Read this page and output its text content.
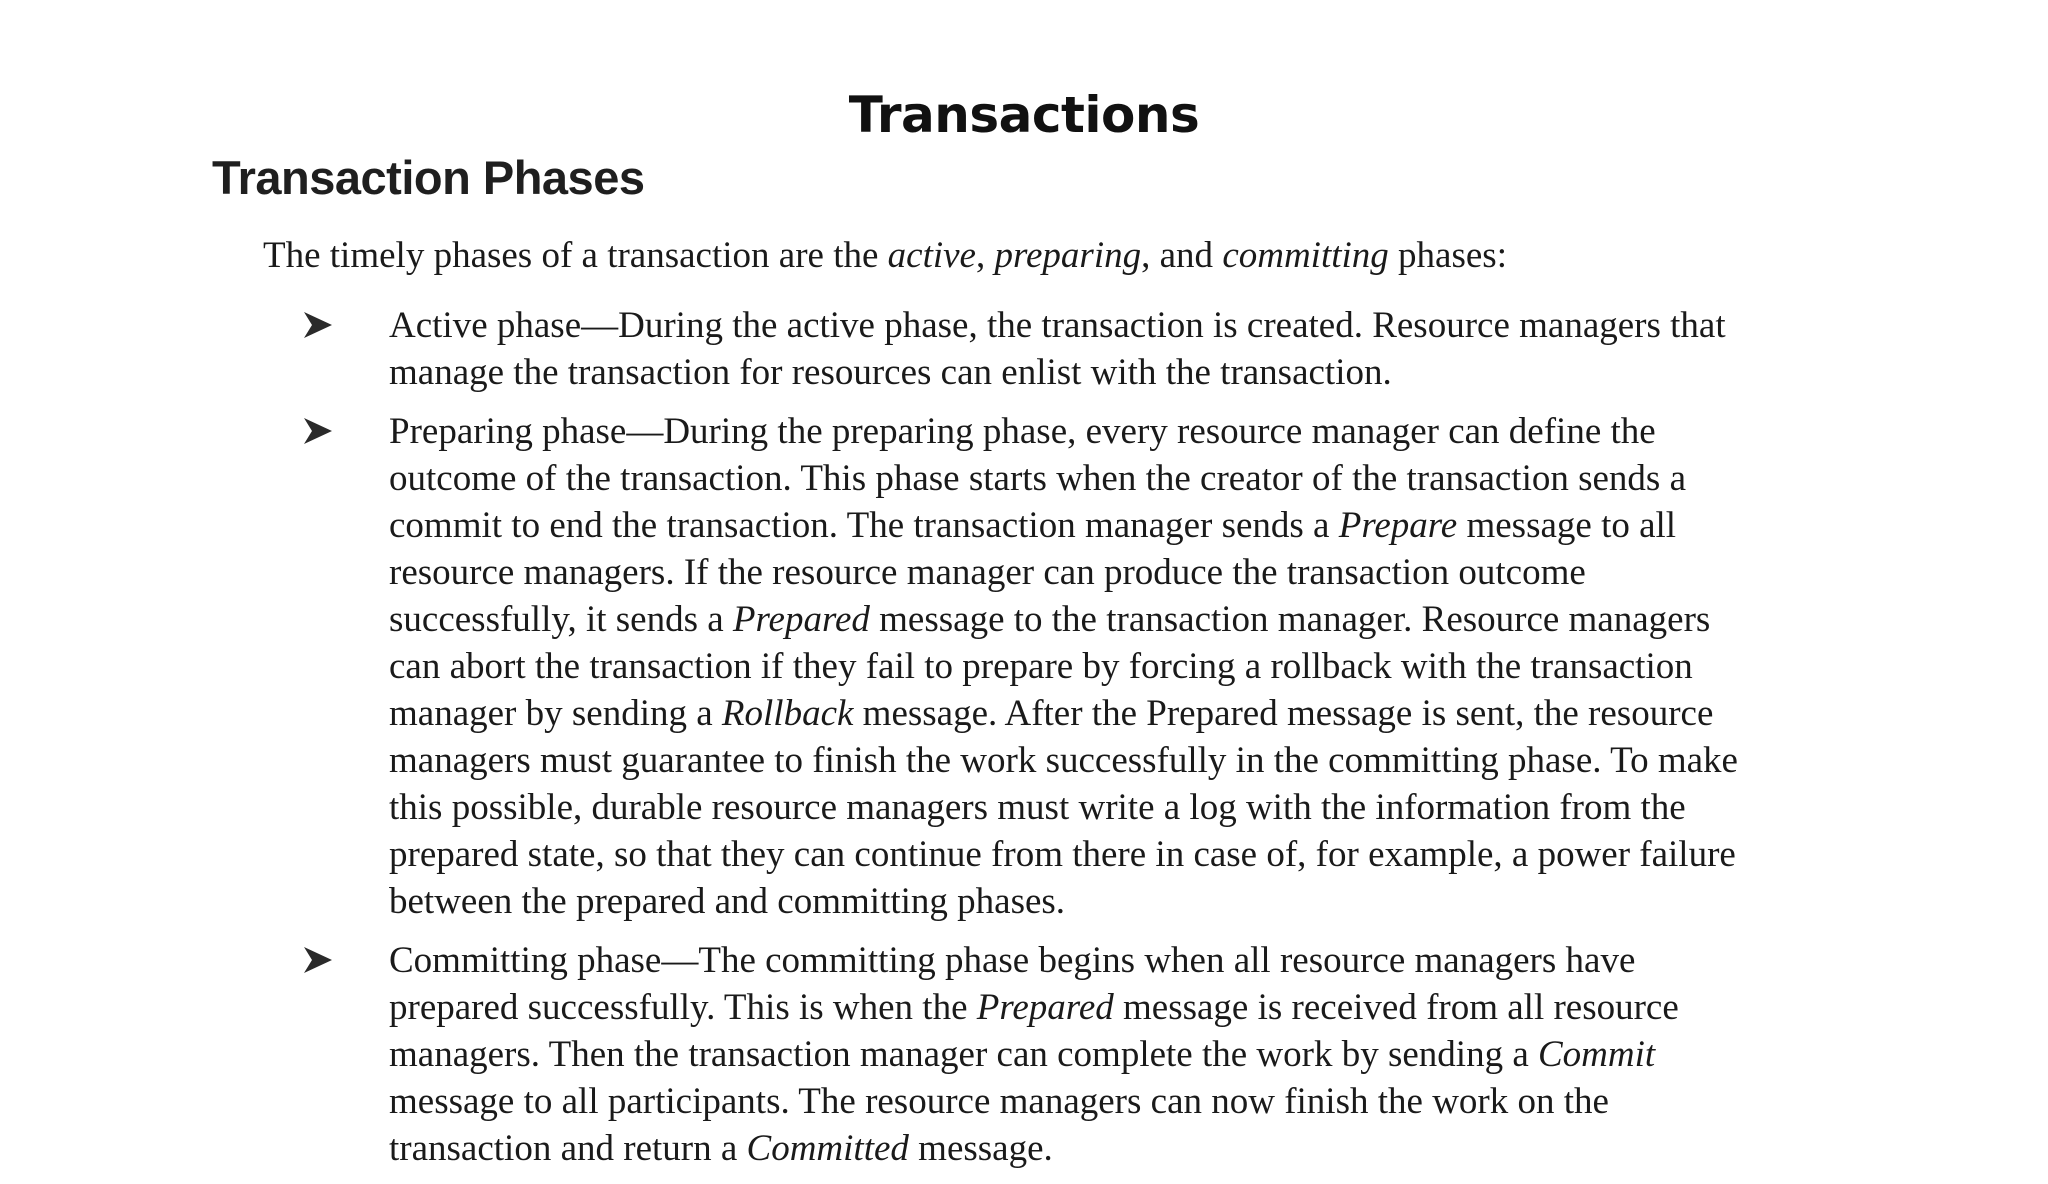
Transactions
Transaction Phases

The timely phases of a transaction are the active, preparing, and committing phases:

Active phase—During the active phase, the transaction is created. Resource managers that manage the transaction for resources can enlist with the transaction.
Preparing phase—During the preparing phase, every resource manager can define the outcome of the transaction. This phase starts when the creator of the transaction sends a commit to end the transaction. The transaction manager sends a Prepare message to all resource managers. If the resource manager can produce the transaction outcome successfully, it sends a Prepared message to the transaction manager. Resource managers can abort the transaction if they fail to prepare by forcing a rollback with the transaction manager by sending a Rollback message. After the Prepared message is sent, the resource managers must guarantee to finish the work successfully in the committing phase. To make this possible, durable resource managers must write a log with the information from the prepared state, so that they can continue from there in case of, for example, a power failure between the prepared and committing phases.
Committing phase—The committing phase begins when all resource managers have prepared successfully. This is when the Prepared message is received from all resource managers. Then the transaction manager can complete the work by sending a Commit message to all participants. The resource managers can now finish the work on the transaction and return a Committed message.
